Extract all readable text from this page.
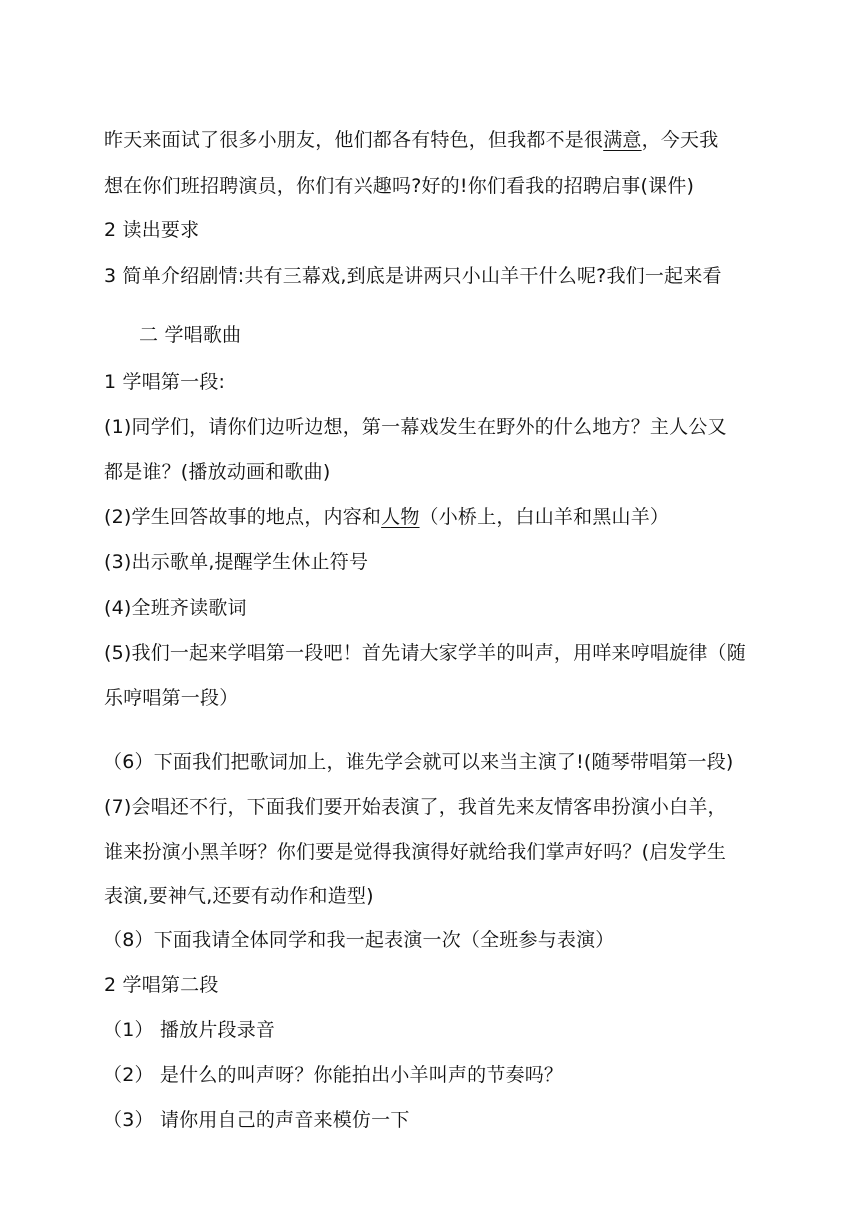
昨天来面试了很多小朋友，他们都各有特色，但我都不是很满意，今天我
想在你们班招聘演员，你们有兴趣吗?好的!你们看我的招聘启事(课件)
2 读出要求
3 简单介绍剧情:共有三幕戏,到底是讲两只小山羊干什么呢?我们一起来看
二 学唱歌曲
1 学唱第一段:
(1)同学们，请你们边听边想，第一幕戏发生在野外的什么地方？主人公又
都是谁？(播放动画和歌曲)
(2)学生回答故事的地点，内容和人物（小桥上，白山羊和黑山羊）
(3)出示歌单,提醒学生休止符号
(4)全班齐读歌词
(5)我们一起来学唱第一段吧！首先请大家学羊的叫声，用咩来哼唱旋律（随
乐哼唱第一段）
（6）下面我们把歌词加上，谁先学会就可以来当主演了!(随琴带唱第一段)
(7)会唱还不行，下面我们要开始表演了，我首先来友情客串扮演小白羊，
谁来扮演小黑羊呀？你们要是觉得我演得好就给我们掌声好吗？(启发学生
表演,要神气,还要有动作和造型)
（8）下面我请全体同学和我一起表演一次（全班参与表演）
2 学唱第二段
（1） 播放片段录音
（2） 是什么的叫声呀？你能拍出小羊叫声的节奏吗？
（3） 请你用自己的声音来模仿一下
